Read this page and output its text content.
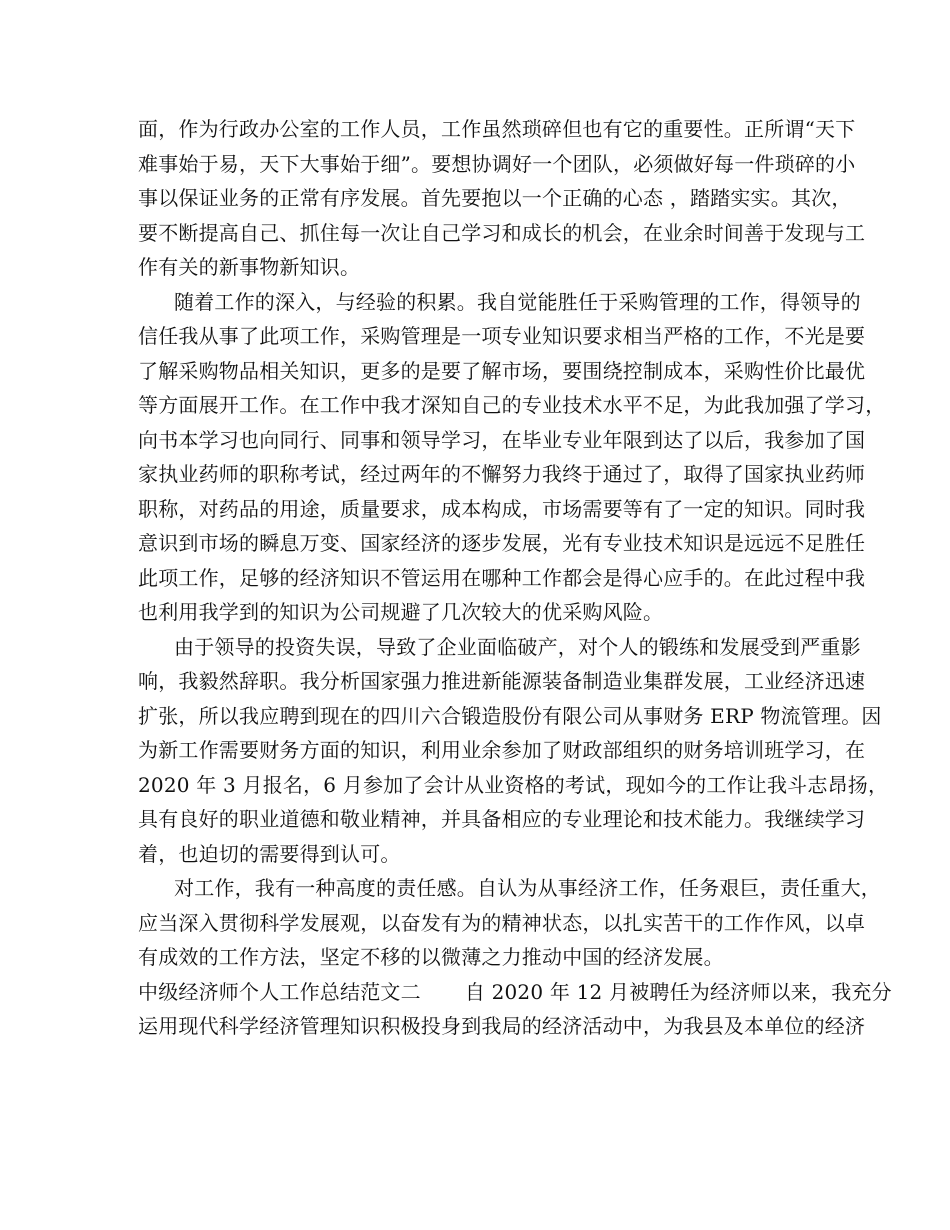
面，作为行政办公室的工作人员，工作虽然琐碎但也有它的重要性。正所谓“天下
难事始于易，天下大事始于细”。要想协调好一个团队，必须做好每一件琐碎的小
事以保证业务的正常有序发展。首先要抱以一个正确的心态 ，踏踏实实。其次，
要不断提高自己、抓住每一次让自己学习和成长的机会，在业余时间善于发现与工
作有关的新事物新知识。
随着工作的深入，与经验的积累。我自觉能胜任于采购管理的工作，得领导的
信任我从事了此项工作，采购管理是一项专业知识要求相当严格的工作，不光是要
了解采购物品相关知识，更多的是要了解市场，要围绕控制成本，采购性价比最优
等方面展开工作。在工作中我才深知自己的专业技术水平不足，为此我加强了学习，
向书本学习也向同行、同事和领导学习，在毕业专业年限到达了以后，我参加了国
家执业药师的职称考试，经过两年的不懈努力我终于通过了，取得了国家执业药师
职称，对药品的用途，质量要求，成本构成，市场需要等有了一定的知识。同时我
意识到市场的瞬息万变、国家经济的逐步发展，光有专业技术知识是远远不足胜任
此项工作，足够的经济知识不管运用在哪种工作都会是得心应手的。在此过程中我
也利用我学到的知识为公司规避了几次较大的优采购风险。
由于领导的投资失误，导致了企业面临破产，对个人的锻练和发展受到严重影
响，我毅然辞职。我分析国家强力推进新能源装备制造业集群发展，工业经济迅速
扩张，所以我应聘到现在的四川六合锻造股份有限公司从事财务 ERP 物流管理。因
为新工作需要财务方面的知识，利用业余参加了财政部组织的财务培训班学习，在
2020 年 3 月报名，6 月参加了会计从业资格的考试，现如今的工作让我斗志昂扬，
具有良好的职业道德和敬业精神，并具备相应的专业理论和技术能力。我继续学习
着，也迫切的需要得到认可。
对工作，我有一种高度的责任感。自认为从事经济工作，任务艰巨，责任重大，
应当深入贯彻科学发展观，以奋发有为的精神状态，以扎实苦干的工作作风，以卓
有成效的工作方法，坚定不移的以微薄之力推动中国的经济发展。
中级经济师个人工作总结范文二 自 2020 年 12 月被聘任为经济师以来，我充分
运用现代科学经济管理知识积极投身到我局的经济活动中，为我县及本单位的经济
